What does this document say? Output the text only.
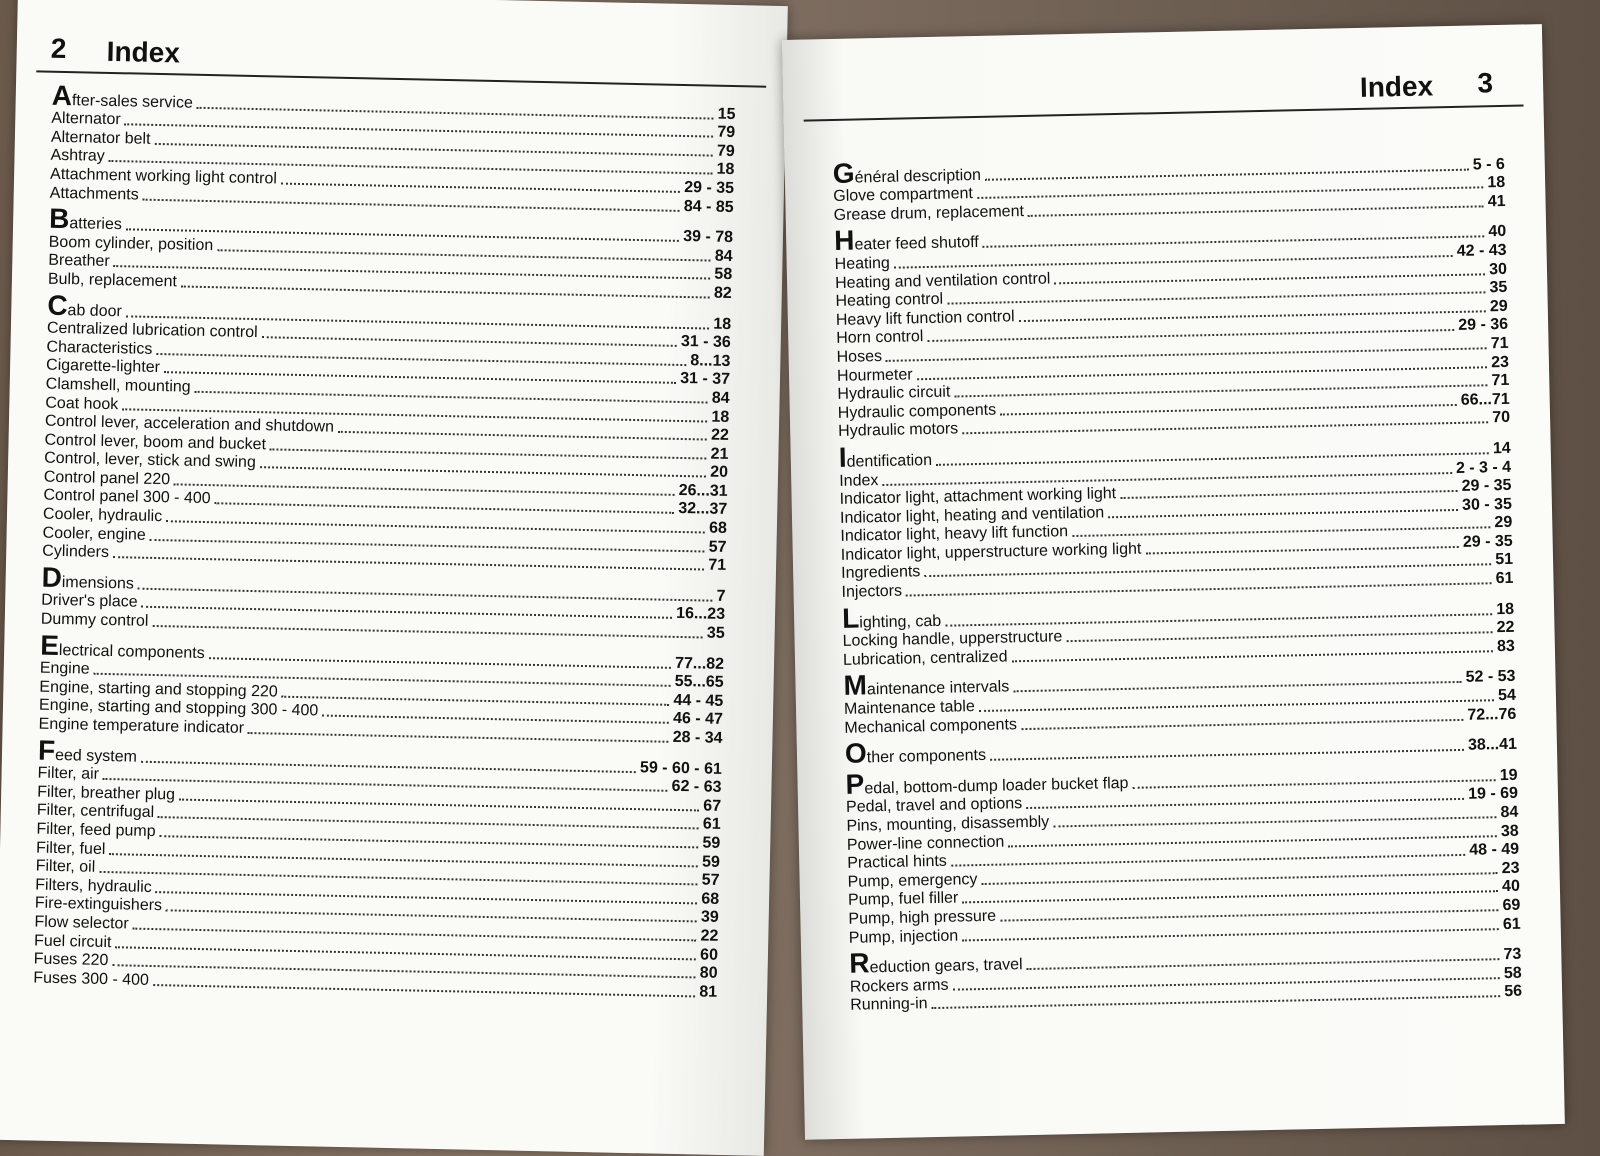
2 Index
After-sales service
15
Alternator
79
Alternator belt
79
Ashtray
18
Attachment working light control
29 - 35
Attachments
84 - 85
Batteries
39 - 78
Boom cylinder, position
84
Breather
58
Bulb, replacement
82
Cab door
18
Centralized lubrication control
31 - 36
Characteristics
8...13
Cigarette-lighter
31 - 37
Clamshell, mounting
84
Coat hook
18
Control lever, acceleration and shutdown	22
Control lever, boom and bucket
21
Control, lever, stick and swing
20
Control panel 220
26...31
Control panel 300 - 400
32...37
Cooler, hydraulic
68
Cooler, engine
57
Cylinders
71
Dimensions
7
Driver's place
16...23
Dummy control
35
Electrical components
77...82
Engine
55...65
Engine, starting and stopping 220
44 - 45
Engine, starting and stopping 300 - 400	46 - 47
Engine temperature indicator
28 - 34
Feed system
59 - 60 - 61
Filter, air
62 - 63
Filter, breather plug
67
Filter, centrifugal
61
Filter, feed pump
59
Filter, fuel
59
Filter, oil
57
Filters, hydraulic
68
Fire-extinguishers
39
Flow selector
22
Fuel circuit
60
Fuses 220
80
Fuses 300 - 400
81
3
Index
Général description
5 - 6
Glove compartment
18
Grease drum, replacement
41
Heater feed shutoff
40
Heating
42 - 43
Heating and ventilation control
30
Heating control
35
Heavy lift function control
29
Horn control
29 - 36
Hoses
71
Hourmeter
23
Hydraulic circuit
71
Hydraulic components
66...71
Hydraulic motors
70
Identification
14
Index
2 - 3 - 4
Indicator light, attachment working light	29 - 35
Indicator light, heating and ventilation	30 - 35
Indicator light, heavy lift function
29
Indicator light, upperstructure working light	29 - 35
Ingredients
51
Injectors
61
Lighting, cab
18
Locking handle, upperstructure
22
Lubrication, centralized
83
Maintenance intervals
52 - 53
Maintenance table
54
Mechanical components
72...76
Other components
38...41
Pedal, bottom-dump loader bucket flap	19
Pedal, travel and options
19 - 69
Pins, mounting, disassembly
84
Power-line connection
38
Practical hints
48 - 49
Pump, emergency
23
Pump, fuel filler
40
Pump, high pressure
69
Pump, injection
61
Reduction gears, travel
73
Rockers arms
58
Running-in
56
